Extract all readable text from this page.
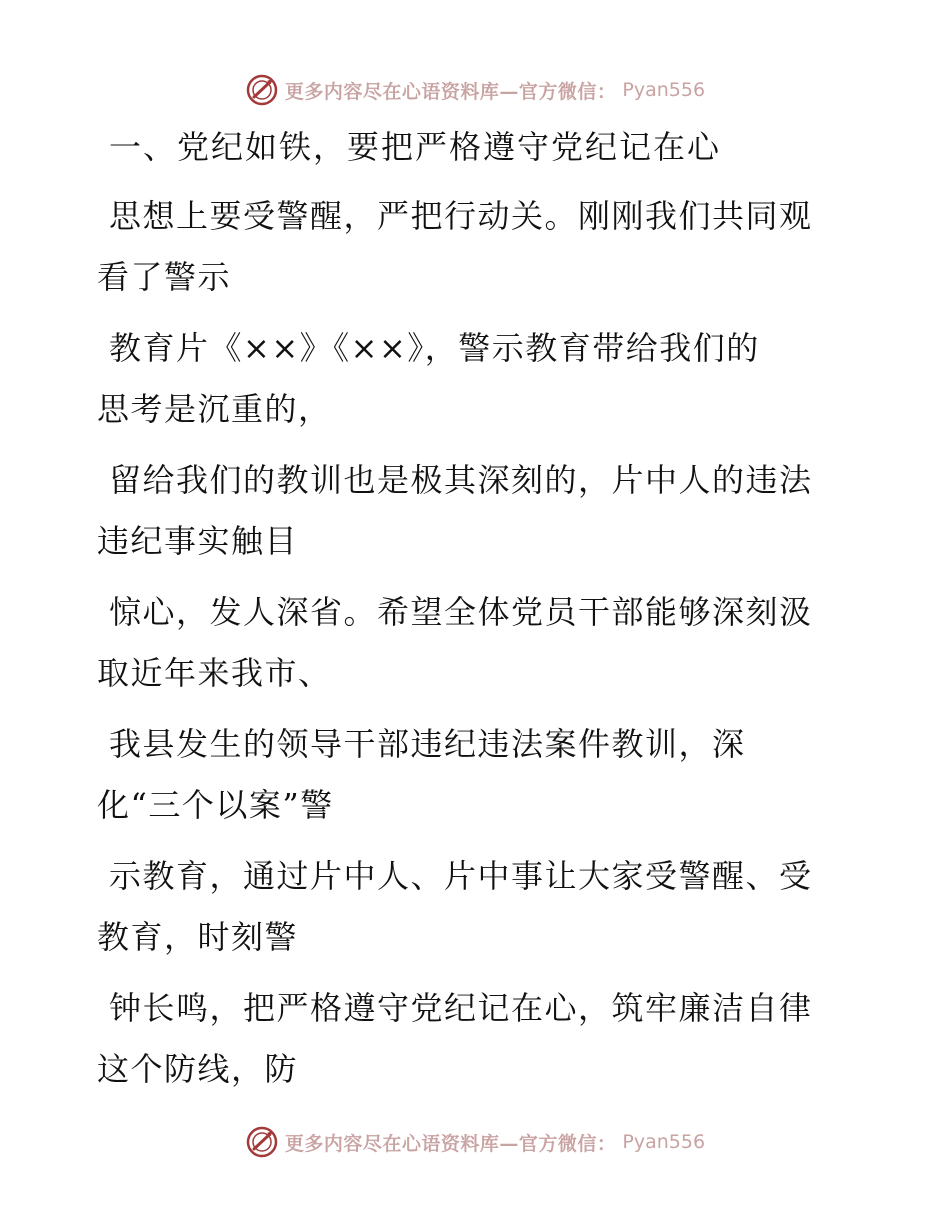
更多内容尽在心语资料库—官方微信： Pyan556
一、党纪如铁，要把严格遵守党纪记在心
思想上要受警醒，严把行动关。刚刚我们共同观
看了警示
教育片《××》《××》，警示教育带给我们的
思考是沉重的，
留给我们的教训也是极其深刻的，片中人的违法
违纪事实触目
惊心，发人深省。希望全体党员干部能够深刻汲
取近年来我市、
我县发生的领导干部违纪违法案件教训，深
化“三个以案”警
示教育，通过片中人、片中事让大家受警醒、受
教育，时刻警
钟长鸣，把严格遵守党纪记在心，筑牢廉洁自律
这个防线，防
更多内容尽在心语资料库—官方微信： Pyan556
